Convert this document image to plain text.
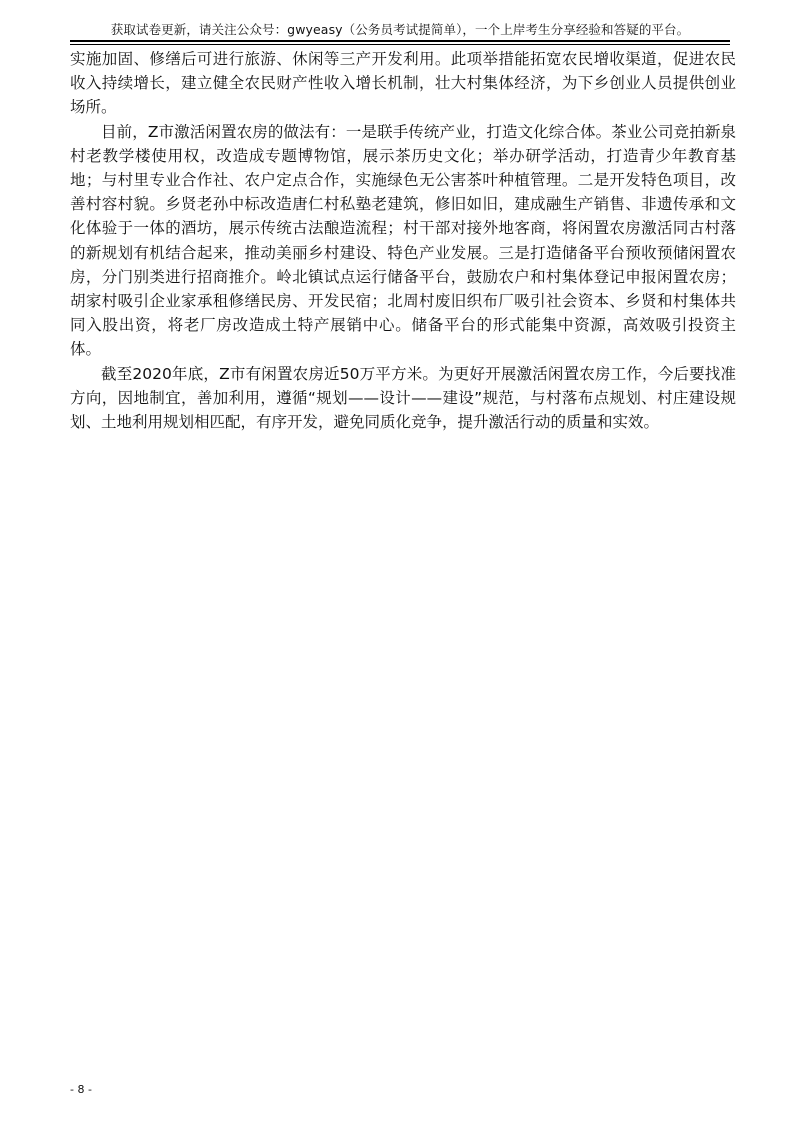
获取试卷更新，请关注公众号：gwyeasy（公务员考试提简单），一个上岸考生分享经验和答疑的平台。

实施加固、修缮后可进行旅游、休闲等三产开发利用。此项举措能拓宽农民增收渠道，促进农民收入持续增长，建立健全农民财产性收入增长机制，壮大村集体经济，为下乡创业人员提供创业场所。

目前，Z市激活闲置农房的做法有：一是联手传统产业，打造文化综合体。茶业公司竞拍新泉村老教学楼使用权，改造成专题博物馆，展示茶历史文化；举办研学活动，打造青少年教育基地；与村里专业合作社、农户定点合作，实施绿色无公害茶叶种植管理。二是开发特色项目，改善村容村貌。乡贤老孙中标改造唐仁村私塾老建筑，修旧如旧，建成融生产销售、非遗传承和文化体验于一体的酒坊，展示传统古法酿造流程；村干部对接外地客商，将闲置农房激活同古村落的新规划有机结合起来，推动美丽乡村建设、特色产业发展。三是打造储备平台预收预储闲置农房，分门别类进行招商推介。岭北镇试点运行储备平台，鼓励农户和村集体登记申报闲置农房；胡家村吸引企业家承租修缮民房、开发民宿；北周村废旧织布厂吸引社会资本、乡贤和村集体共同入股出资，将老厂房改造成土特产展销中心。储备平台的形式能集中资源，高效吸引投资主体。

截至2020年底，Z市有闲置农房近50万平方米。为更好开展激活闲置农房工作，今后要找准方向，因地制宜，善加利用，遵循“规划——设计——建设”规范，与村落布点规划、村庄建设规划、土地利用规划相匹配，有序开发，避免同质化竞争，提升激活行动的质量和实效。

- 8 -
